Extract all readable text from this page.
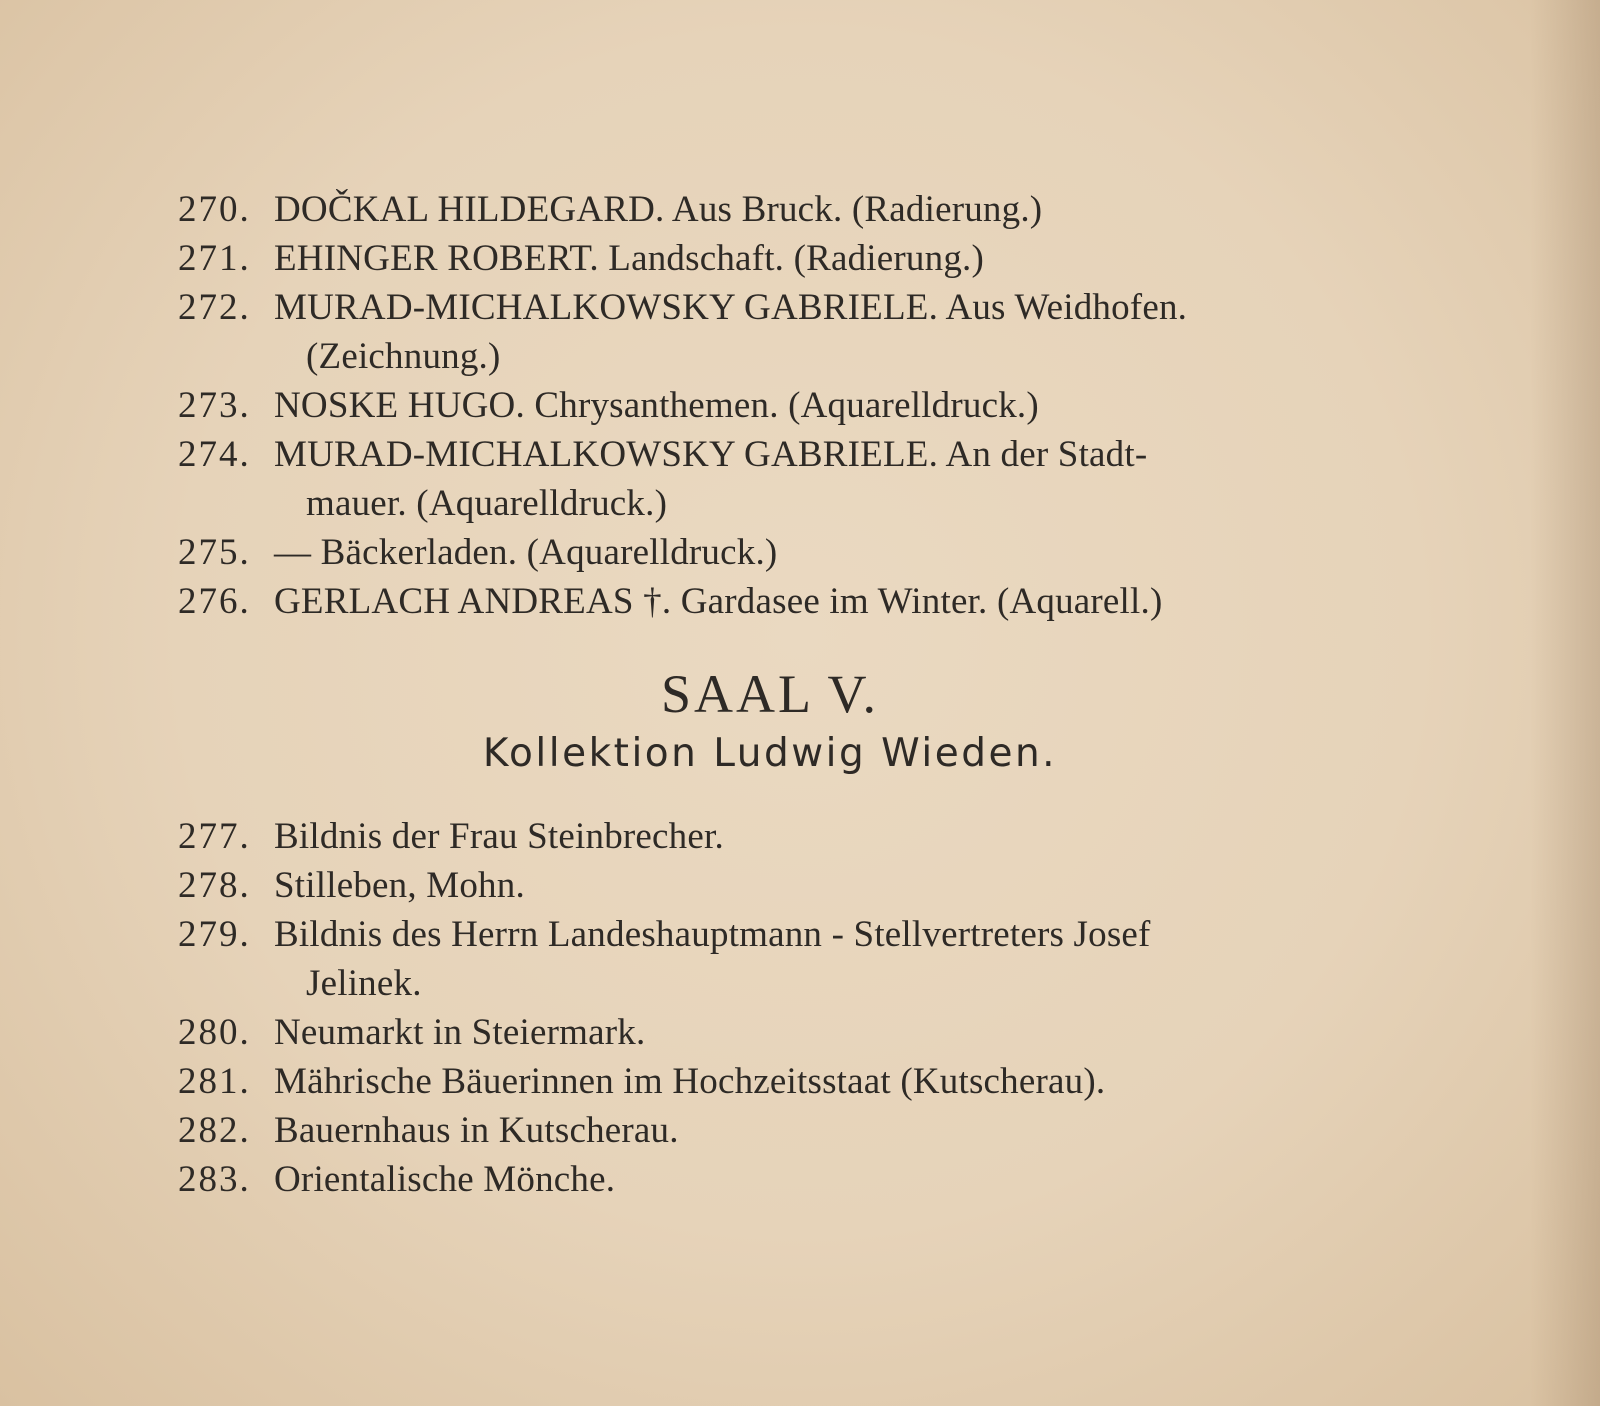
270. DOČKAL HILDEGARD. Aus Bruck. (Radierung.)
271. EHINGER ROBERT. Landschaft. (Radierung.)
272. MURAD-MICHALKOWSKY GABRIELE. Aus Weidhofen.
(Zeichnung.)
273. NOSKE HUGO. Chrysanthemen. (Aquarelldruck.)
274. MURAD-MICHALKOWSKY GABRIELE. An der Stadt-
mauer. (Aquarelldruck.)
275. — Bäckerladen. (Aquarelldruck.)
276. GERLACH ANDREAS †. Gardasee im Winter. (Aquarell.)
SAAL V.
Kollektion Ludwig Wieden.
277. Bildnis der Frau Steinbrecher.
278. Stilleben, Mohn.
279. Bildnis des Herrn Landeshauptmann - Stellvertreters Josef
Jelinek.
280. Neumarkt in Steiermark.
281. Mährische Bäuerinnen im Hochzeitsstaat (Kutscherau).
282. Bauernhaus in Kutscherau.
283. Orientalische Mönche.
